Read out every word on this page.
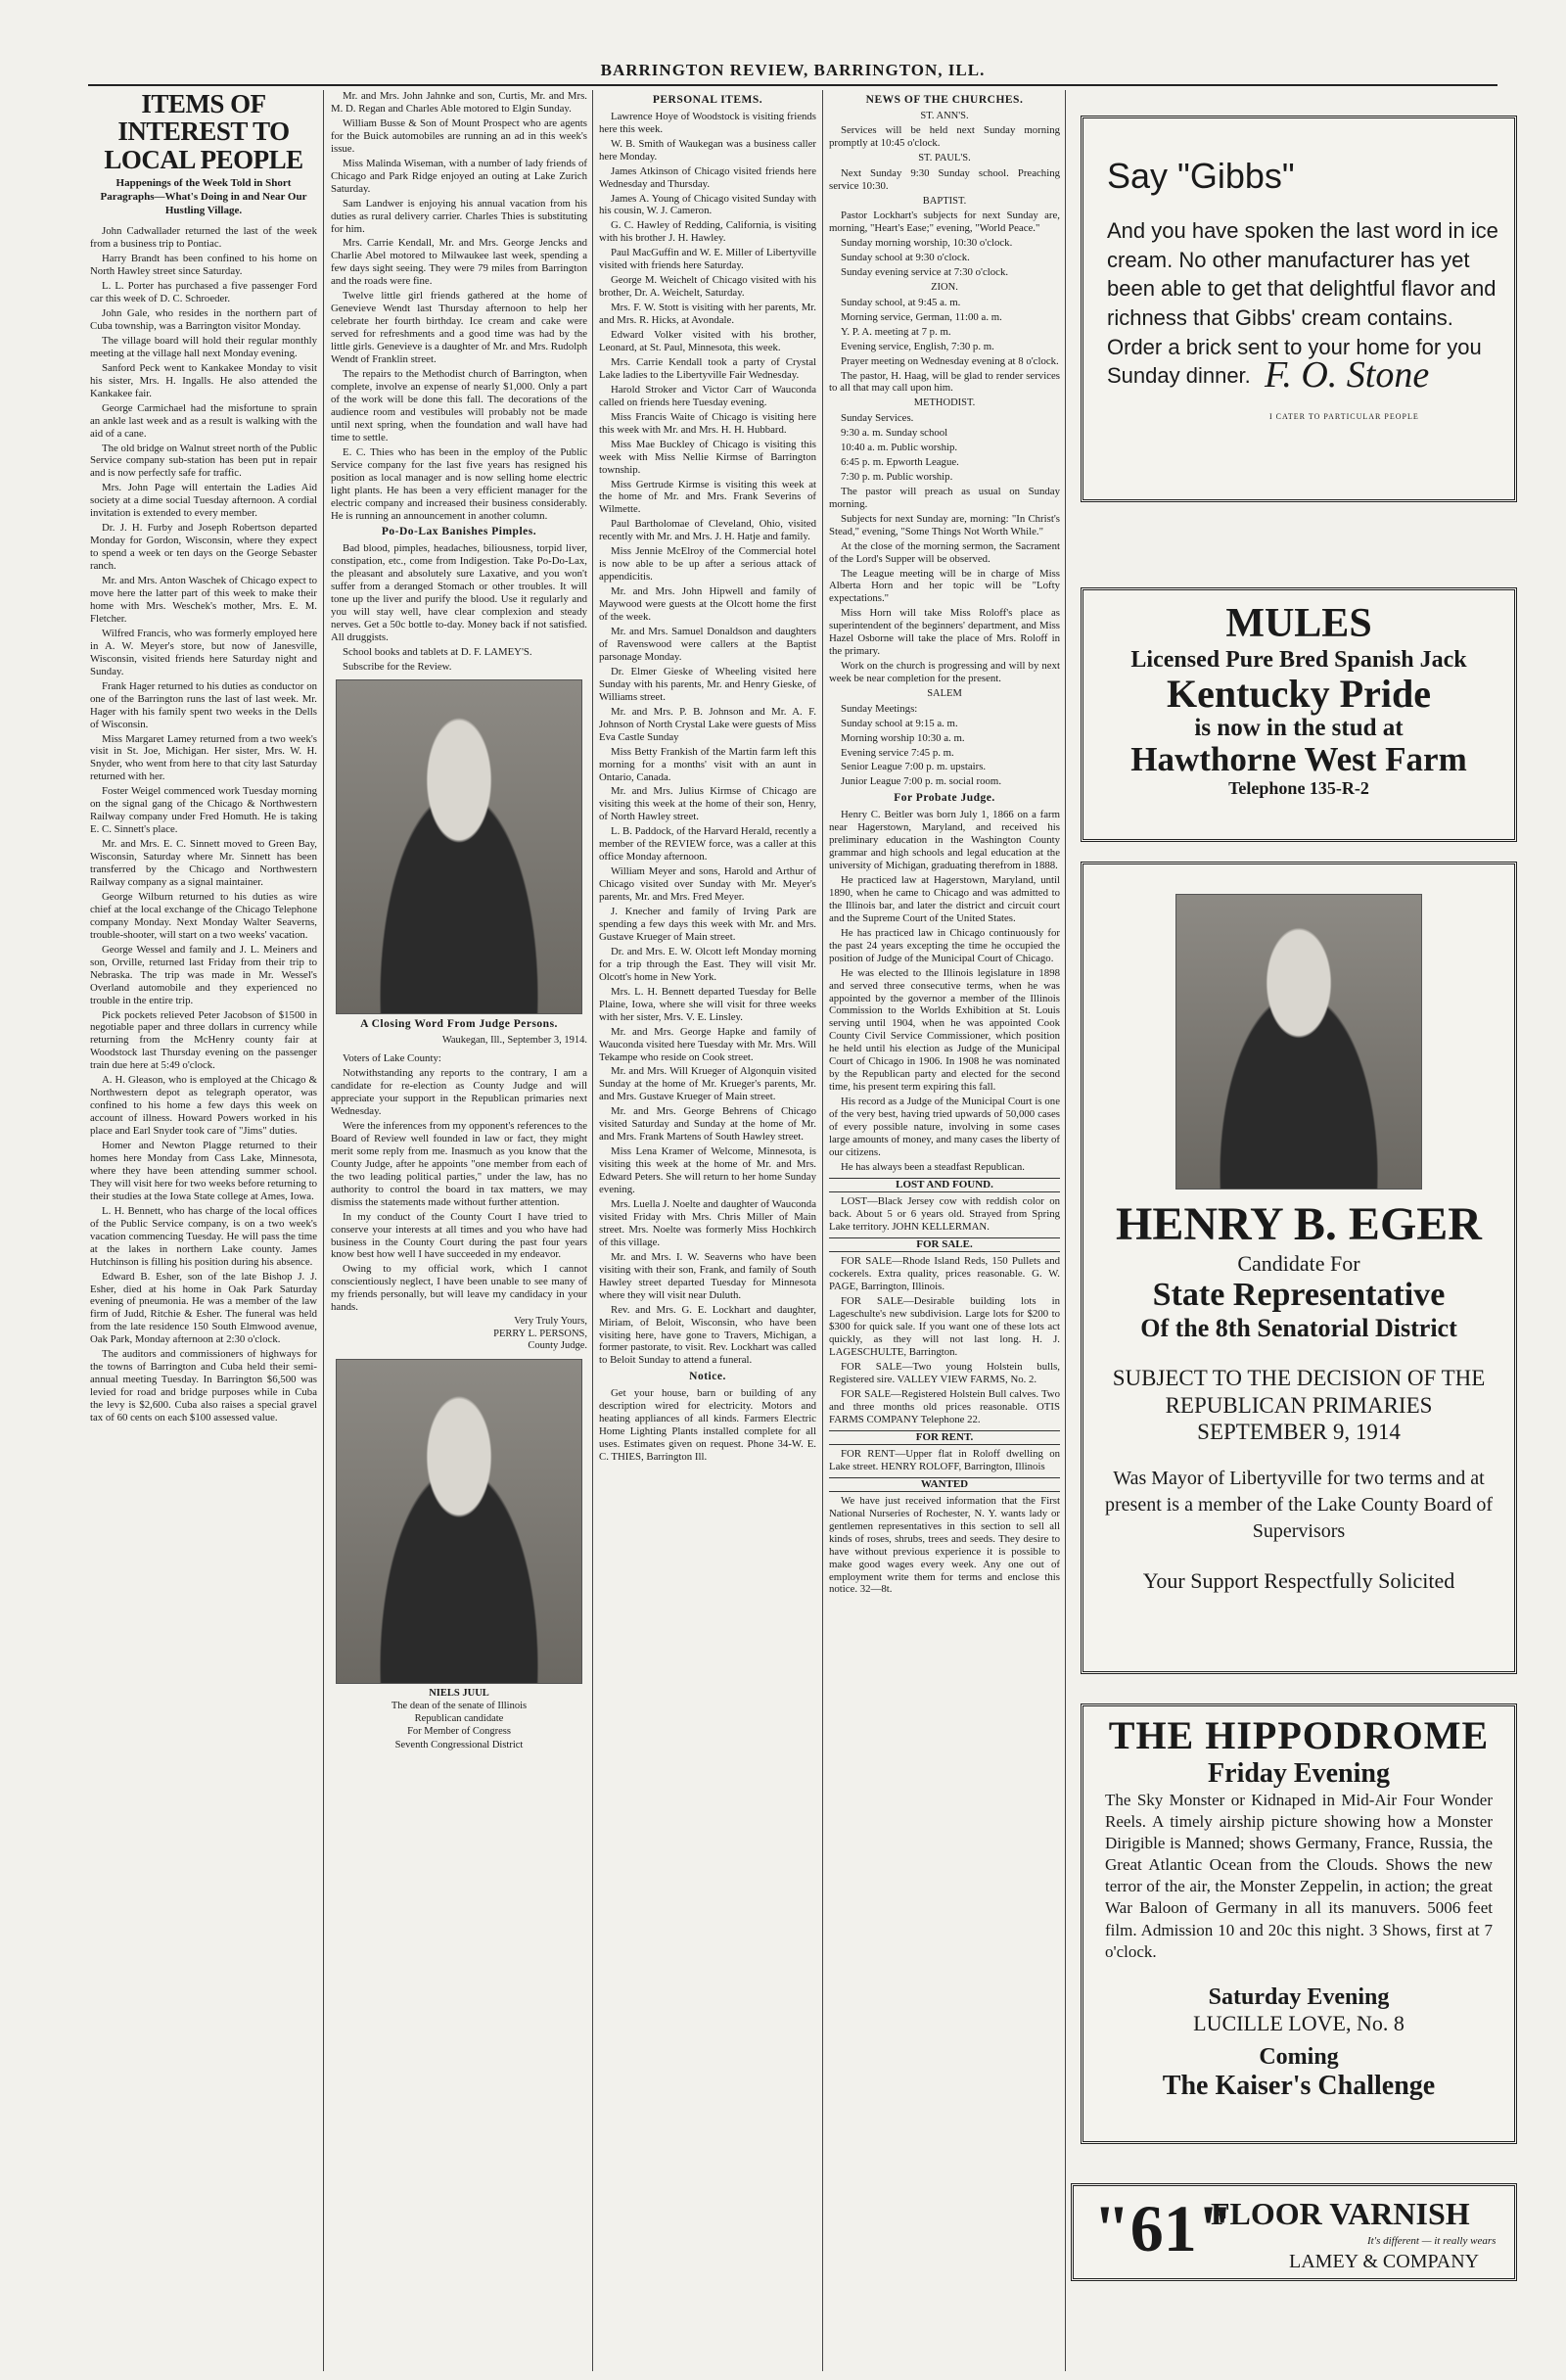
BARRINGTON REVIEW, BARRINGTON, ILL.
ITEMS OF INTEREST TO LOCAL PEOPLE
Happenings of the Week Told in Short Paragraphs—What's Doing in and Near Our Hustling Village.

John Cadwallader returned the last of the week from a business trip to Pontiac.

Harry Brandt has been confined to his home on North Hawley street since Saturday.

L. L. Porter has purchased a five passenger Ford car this week of D. C. Schroeder.

John Gale, who resides in the northern part of Cuba township, was a Barrington visitor Monday.

The village board will hold their regular monthly meeting at the village hall next Monday evening.

Sanford Peck went to Kankakee Monday to visit his sister, Mrs. H. Ingalls. He also attended the Kankakee fair.

George Carmichael had the misfortune to sprain an ankle last week and as a result is walking with the aid of a cane.

The old bridge on Walnut street north of the Public Service company sub-station has been put in repair and is now perfectly safe for traffic.

Mrs. John Page will entertain the Ladies Aid society at a dime social Tuesday afternoon. A cordial invitation is extended to every member.

Dr. J. H. Furby and Joseph Robertson departed Monday for Gordon, Wisconsin, where they expect to spend a week or ten days on the George Sebaster ranch.

Mr. and Mrs. Anton Waschek of Chicago expect to move here the latter part of this week to make their home with Mrs. Weschek's mother, Mrs. E. M. Fletcher.

Wilfred Francis, who was formerly employed here in A. W. Meyer's store, but now of Janesville, Wisconsin, visited friends here Saturday night and Sunday.

Frank Hager returned to his duties as conductor on one of the Barrington runs the last of last week. Mr. Hager with his family spent two weeks in the Dells of Wisconsin.

Miss Margaret Lamey returned from a two week's visit in St. Joe, Michigan. Her sister, Mrs. W. H. Snyder, who went from here to that city last Saturday returned with her.

Foster Weigel commenced work Tuesday morning on the signal gang of the Chicago & Northwestern Railway company under Fred Homuth. He is taking E. C. Sinnett's place.

Mr. and Mrs. E. C. Sinnett moved to Green Bay, Wisconsin, Saturday where Mr. Sinnett has been transferred by the Chicago and Northwestern Railway company as a signal maintainer.

George Wilburn returned to his duties as wire chief at the local exchange of the Chicago Telephone company Monday. Next Monday Walter Seaverns, trouble-shooter, will start on a two weeks' vacation.

George Wessel and family and J. L. Meiners and son, Orville, returned last Friday from their trip to Nebraska. The trip was made in Mr. Wessel's Overland automobile and they experienced no trouble in the entire trip.

Pick pockets relieved Peter Jacobson of $1500 in negotiable paper and three dollars in currency while returning from the McHenry county fair at Woodstock last Thursday evening on the passenger train due here at 5:49 o'clock.

A. H. Gleason, who is employed at the Chicago & Northwestern depot as telegraph operator, was confined to his home a few days this week on account of illness. Howard Powers worked in his place and Earl Snyder took care of "Jims" duties.

Homer and Newton Plagge returned to their homes here Monday from Cass Lake, Minnesota, where they have been attending summer school. They will visit here for two weeks before returning to their studies at the Iowa State college at Ames, Iowa.

L. H. Bennett, who has charge of the local offices of the Public Service company, is on a two week's vacation commencing Tuesday. He will pass the time at the lakes in northern Lake county. James Hutchinson is filling his position during his absence.

Edward B. Esher, son of the late Bishop J. J. Esher, died at his home in Oak Park Saturday evening of pneumonia. He was a member of the law firm of Judd, Ritchie & Esher. The funeral was held from the late residence 150 South Elmwood avenue, Oak Park, Monday afternoon at 2:30 o'clock.

The auditors and commissioners of highways for the towns of Barrington and Cuba held their semi-annual meeting Tuesday. In Barrington $6,500 was levied for road and bridge purposes while in Cuba the levy is $2,600. Cuba also raises a special gravel tax of 60 cents on each $100 assessed value.

Mr. and Mrs. John Jahnke and son, Curtis, Mr. and Mrs. M. D. Regan and Charles Able motored to Elgin Sunday.

William Busse & Son of Mount Prospect who are agents for the Buick automobiles are running an ad in this week's issue.

Miss Malinda Wiseman, with a number of lady friends of Chicago and Park Ridge enjoyed an outing at Lake Zurich Saturday.

Sam Landwer is enjoying his annual vacation from his duties as rural delivery carrier. Charles Thies is substituting for him.

Mrs. Carrie Kendall, Mr. and Mrs. George Jencks and Charlie Abel motored to Milwaukee last week, spending a few days sight seeing. They were 79 miles from Barrington and the roads were fine.

Twelve little girl friends gathered at the home of Genevieve Wendt last Thursday afternoon to help her celebrate her fourth birthday. Ice cream and cake were served for refreshments and a good time was had by the little girls. Genevieve is a daughter of Mr. and Mrs. Rudolph Wendt of Franklin street.

The repairs to the Methodist church of Barrington, when complete, involve an expense of nearly $1,000. Only a part of the work will be done this fall. The decorations of the audience room and vestibules will probably not be made until next spring, when the foundation and wall have had time to settle.

E. C. Thies who has been in the employ of the Public Service company for the last five years has resigned his position as local manager and is now selling home electric light plants. He has been a very efficient manager for the electric company and increased their business considerably. He is running an announcement in another column.

Po-Do-Lax Banishes Pimples.

Bad blood, pimples, headaches, biliousness, torpid liver, constipation, etc., come from Indigestion. Take Po-Do-Lax, the pleasant and absolutely sure Laxative, and you won't suffer from a deranged Stomach or other troubles. It will tone up the liver and purify the blood. Use it regularly and you will stay well, have clear complexion and steady nerves. Get a 50c bottle to-day. Money back if not satisfied. All druggists.

School books and tablets at D. F. LAMEY'S.

Subscribe for the Review.

A Closing Word From Judge Persons.
Waukegan, Ill., September 3, 1914.

Voters of Lake County:

Notwithstanding any reports to the contrary, I am a candidate for re-election as County Judge and will appreciate your support in the Republican primaries next Wednesday.

Were the inferences from my opponent's references to the Board of Review well founded in law or fact, they might merit some reply from me. Inasmuch as you know that the County Judge, after he appoints "one member from each of the two leading political parties," under the law, has no authority to control the board in tax matters, we may dismiss the statements made without further attention.

In my conduct of the County Court I have tried to conserve your interests at all times and you who have had business in the County Court during the past four years know best how well I have succeeded in my endeavor.

Owing to my official work, which I cannot conscientiously neglect, I have been unable to see many of my friends personally, but will leave my candidacy in your hands.

Very Truly Yours,
PERRY L. PERSONS,
County Judge.
NIELS JUUL
The dean of the senate of Illinois
Republican candidate
For Member of Congress
Seventh Congressional District
PERSONAL ITEMS.

Lawrence Hoye of Woodstock is visiting friends here this week.

W. B. Smith of Waukegan was a business caller here Monday.

James Atkinson of Chicago visited friends here Wednesday and Thursday.

James A. Young of Chicago visited Sunday with his cousin, W. J. Cameron.

G. C. Hawley of Redding, California, is visiting with his brother J. H. Hawley.

Paul MacGuffin and W. E. Miller of Libertyville visited with friends here Saturday.

George M. Weichelt of Chicago visited with his brother, Dr. A. Weichelt, Saturday.

Mrs. F. W. Stott is visiting with her parents, Mr. and Mrs. R. Hicks, at Avondale.

Edward Volker visited with his brother, Leonard, at St. Paul, Minnesota, this week.

Mrs. Carrie Kendall took a party of Crystal Lake ladies to the Libertyville Fair Wednesday.

Harold Stroker and Victor Carr of Wauconda called on friends here Tuesday evening.

Miss Francis Waite of Chicago is visiting here this week with Mr. and Mrs. H. H. Hubbard.

Miss Mae Buckley of Chicago is visiting this week with Miss Nellie Kirmse of Barrington township.

Miss Gertrude Kirmse is visiting this week at the home of Mr. and Mrs. Frank Severins of Wilmette.

Paul Bartholomae of Cleveland, Ohio, visited recently with Mr. and Mrs. J. H. Hatje and family.

Miss Jennie McElroy of the Commercial hotel is now able to be up after a serious attack of appendicitis.

Mr. and Mrs. John Hipwell and family of Maywood were guests at the Olcott home the first of the week.

Mr. and Mrs. Samuel Donaldson and daughters of Ravenswood were callers at the Baptist parsonage Monday.

Dr. Elmer Gieske of Wheeling visited here Sunday with his parents, Mr. and Henry Gieske, of Williams street.

Mr. and Mrs. P. B. Johnson and Mr. A. F. Johnson of North Crystal Lake were guests of Miss Eva Castle Sunday

Miss Betty Frankish of the Martin farm left this morning for a months' visit with an aunt in Ontario, Canada.

Mr. and Mrs. Julius Kirmse of Chicago are visiting this week at the home of their son, Henry, of North Hawley street.

L. B. Paddock, of the Harvard Herald, recently a member of the REVIEW force, was a caller at this office Monday afternoon.

William Meyer and sons, Harold and Arthur of Chicago visited over Sunday with Mr. Meyer's parents, Mr. and Mrs. Fred Meyer.

J. Knecher and family of Irving Park are spending a few days this week with Mr. and Mrs. Gustave Krueger of Main street.

Dr. and Mrs. E. W. Olcott left Monday morning for a trip through the East. They will visit Mr. Olcott's home in New York.

Mrs. L. H. Bennett departed Tuesday for Belle Plaine, Iowa, where she will visit for three weeks with her sister, Mrs. V. E. Linsley.

Mr. and Mrs. George Hapke and family of Wauconda visited here Tuesday with Mr. Mrs. Will Tekampe who reside on Cook street.

Mr. and Mrs. Will Krueger of Algonquin visited Sunday at the home of Mr. Krueger's parents, Mr. and Mrs. Gustave Krueger of Main street.

Mr. and Mrs. George Behrens of Chicago visited Saturday and Sunday at the home of Mr. and Mrs. Frank Martens of South Hawley street.

Miss Lena Kramer of Welcome, Minnesota, is visiting this week at the home of Mr. and Mrs. Edward Peters. She will return to her home Sunday evening.

Mrs. Luella J. Noelte and daughter of Wauconda visited Friday with Mrs. Chris Miller of Main street. Mrs. Noelte was formerly Miss Hochkirch of this village.

Mr. and Mrs. I. W. Seaverns who have been visiting with their son, Frank, and family of South Hawley street departed Tuesday for Minnesota where they will visit near Duluth.

Rev. and Mrs. G. E. Lockhart and daughter, Miriam, of Beloit, Wisconsin, who have been visiting here, have gone to Travers, Michigan, a former pastorate, to visit. Rev. Lockhart was called to Beloit Sunday to attend a funeral.

Notice.

Get your house, barn or building of any description wired for electricity. Motors and heating appliances of all kinds. Farmers Electric Home Lighting Plants installed complete for all uses. Estimates given on request. Phone 34-W. E. C. THIES, Barrington Ill.

NEWS OF THE CHURCHES.
ST. ANN'S.

Services will be held next Sunday morning promptly at 10:45 o'clock.

ST. PAUL'S.

Next Sunday 9:30 Sunday school. Preaching service 10:30.

BAPTIST.

Pastor Lockhart's subjects for next Sunday are, morning, "Heart's Ease;" evening, "World Peace."

Sunday morning worship, 10:30 o'clock.

Sunday school at 9:30 o'clock.

Sunday evening service at 7:30 o'clock.

ZION.

Sunday school, at 9:45 a. m.

Morning service, German, 11:00 a. m.

Y. P. A. meeting at 7 p. m.

Evening service, English, 7:30 p. m.

Prayer meeting on Wednesday evening at 8 o'clock.

The pastor, H. Haag, will be glad to render services to all that may call upon him.

METHODIST.

Sunday Services.

9:30 a. m. Sunday school

10:40 a. m. Public worship.

6:45 p. m. Epworth League.

7:30 p. m. Public worship.

The pastor will preach as usual on Sunday morning.

Subjects for next Sunday are, morning: "In Christ's Stead," evening, "Some Things Not Worth While."

At the close of the morning sermon, the Sacrament of the Lord's Supper will be observed.

The League meeting will be in charge of Miss Alberta Horn and her topic will be "Lofty expectations."

Miss Horn will take Miss Roloff's place as superintendent of the beginners' department, and Miss Hazel Osborne will take the place of Mrs. Roloff in the primary.

Work on the church is progressing and will by next week be near completion for the present.

SALEM

Sunday Meetings:

Sunday school at 9:15 a. m.

Morning worship 10:30 a. m.

Evening service 7:45 p. m.

Senior League 7:00 p. m. upstairs.

Junior League 7:00 p. m. social room.

For Probate Judge.

Henry C. Beitler was born July 1, 1866 on a farm near Hagerstown, Maryland, and received his preliminary education in the Washington County grammar and high schools and legal education at the university of Michigan, graduating therefrom in 1888.

He practiced law at Hagerstown, Maryland, until 1890, when he came to Chicago and was admitted to the Illinois bar, and later the district and circuit court and the Supreme Court of the United States.

He has practiced law in Chicago continuously for the past 24 years excepting the time he occupied the position of Judge of the Municipal Court of Chicago.

He was elected to the Illinois legislature in 1898 and served three consecutive terms, when he was appointed by the governor a member of the Illinois Commission to the Worlds Exhibition at St. Louis serving until 1904, when he was appointed Cook County Civil Service Commissioner, which position he held until his election as Judge of the Municipal Court of Chicago in 1906. In 1908 he was nominated by the Republican party and elected for the second time, his present term expiring this fall.

His record as a Judge of the Municipal Court is one of the very best, having tried upwards of 50,000 cases of every possible nature, involving in some cases large amounts of money, and many cases the liberty of our citizens.

He has always been a steadfast Republican.

LOST AND FOUND.

LOST—Black Jersey cow with reddish color on back. About 5 or 6 years old. Strayed from Spring Lake territory. JOHN KELLERMAN.

FOR SALE.

FOR SALE—Rhode Island Reds, 150 Pullets and cockerels. Extra quality, prices reasonable. G. W. PAGE, Barrington, Illinois.

FOR SALE—Desirable building lots in Lageschulte's new subdivision. Large lots for $200 to $300 for quick sale. If you want one of these lots act quickly, as they will not last long. H. J. LAGESCHULTE, Barrington.

FOR SALE—Two young Holstein bulls, Registered sire. VALLEY VIEW FARMS, No. 2.

FOR SALE—Registered Holstein Bull calves. Two and three months old prices reasonable. OTIS FARMS COMPANY Telephone 22.

FOR RENT.

FOR RENT—Upper flat in Roloff dwelling on Lake street. HENRY ROLOFF, Barrington, Illinois

WANTED

We have just received information that the First National Nurseries of Rochester, N. Y. wants lady or gentlemen representatives in this section to sell all kinds of roses, shrubs, trees and seeds. They desire to have without previous experience it is possible to make good wages every week. Any one out of employment write them for terms and enclose this notice. 32—8t.

Say "Gibbs"
And you have spoken the last word in ice cream. No other manufacturer has yet been able to get that delightful flavor and richness that Gibbs' cream contains. Order a brick sent to your home for you Sunday dinner. F. O. Stone
I CATER TO PARTICULAR PEOPLE
MULES
Licensed Pure Bred Spanish Jack
Kentucky Pride
is now in the stud at
Hawthorne West Farm
Telephone 135-R-2
HENRY B. EGER
Candidate For
State Representative
Of the 8th Senatorial District
SUBJECT TO THE DECISION OF THE
REPUBLICAN PRIMARIES
SEPTEMBER 9, 1914
Was Mayor of Libertyville for two terms and at present is a member of the Lake County Board of Supervisors
Your Support Respectfully Solicited
THE HIPPODROME
Friday Evening
The Sky Monster or Kidnaped in Mid-Air Four Wonder Reels. A timely airship picture showing how a Monster Dirigible is Manned; shows Germany, France, Russia, the Great Atlantic Ocean from the Clouds. Shows the new terror of the air, the Monster Zeppelin, in action; the great War Baloon of Germany in all its manuvers. 5006 feet film. Admission 10 and 20c this night. 3 Shows, first at 7 o'clock.
Saturday Evening
LUCILLE LOVE, No. 8
Coming
The Kaiser's Challenge
"61"
FLOOR VARNISH
It's different — it really wears
LAMEY & COMPANY
